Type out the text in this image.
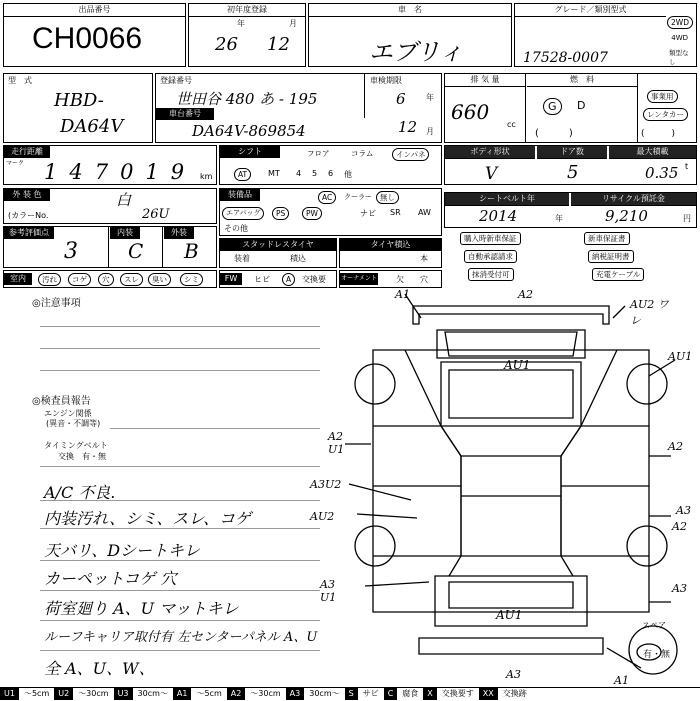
出品番号
CH0066
初年度登録
年	月
26 12
車　名
エブリィ
グレード／類別型式
2WD
4WD
類型なし
17528-0007
型　式
HBD-
DA64V
登録番号
世田谷 480 あ - 195
車台番号
DA64V-869854
車検期限
6	年
12 月
排 気 量	燃　料
660
cc
G	D
(　　　)
事業用
レンタカー
(　　　)
走行距離
マーク 147019 km
シフト	フロア	コラム	インパネ
AT	MT 4 5 6 他
ボディ形状	ドア数	最大積載
V	5	0.35 t
外 装 色	白
(カラーNo.	26U
装備品	AC	クーラー	無し
エアバッグ	PS	PW	ナビ SR AW
その他
シートベルト年	リサイクル預託金
2014	年	9,210	円
参考評価点	内装	外装
3	C B	スタッドレスタイヤ
装着	積込
タイヤ積込
本
購入時新車保証	新車保証書
自動承認請求	納税証明書
抹消受付可	充電ケーブル
室内	汚れ	コゲ	穴	スレ	臭い	シミ	FW	ヒビ	A	交換要	オーナメント 欠 穴
◎注意事項
◎検査員報告
エンジン関係
(異音・不調等)
タイミングベルト
交換　有・無
A/C 不良.
内装汚れ、シミ、スレ、コゲ
天バリ、Dシートキレ
カーペットコゲ 穴
荷室廻り A、U マットキレ
ルーフキャリア取付有 左センターパネル A、U
全 A、U、W、
A1	A2
AU2 ワレ
AU1
AU1
A2 U1
A3U2
AU2
A3 U1
A2
A3
A2
A3
AU1
A3	A1
スペア
有・無
U1 ～5cm U2 ～30cm U3 30cm～ A1 ～5cm A2 ～30cm A3 30cm～ S サビ C 腐食 X 交換要す XX 交換跡
